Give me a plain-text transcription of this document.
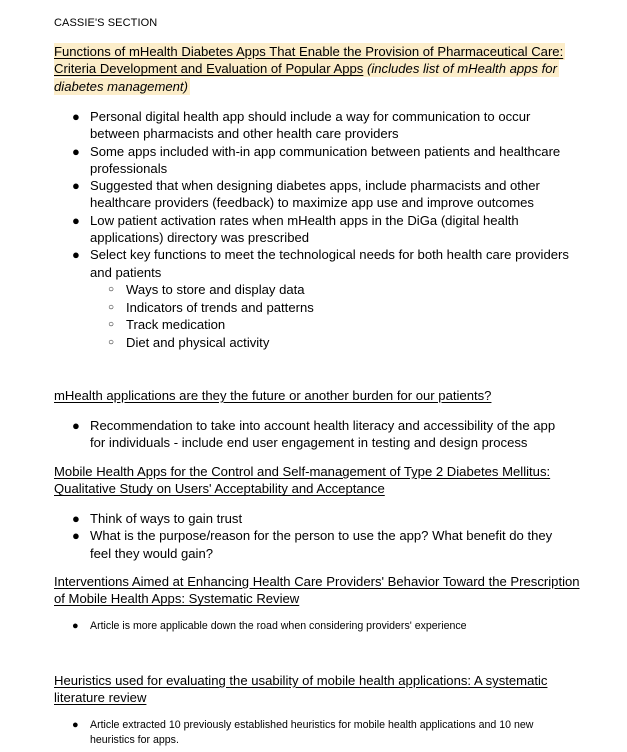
CASSIE'S SECTION
Functions of mHealth Diabetes Apps That Enable the Provision of Pharmaceutical Care: Criteria Development and Evaluation of Popular Apps (includes list of mHealth apps for diabetes management)
● Personal digital health app should include a way for communication to occur between pharmacists and other health care providers
● Some apps included with-in app communication between patients and healthcare professionals
● Suggested that when designing diabetes apps, include pharmacists and other healthcare providers (feedback) to maximize app use and improve outcomes
● Low patient activation rates when mHealth apps in the DiGa (digital health applications) directory was prescribed
● Select key functions to meet the technological needs for both health care providers and patients
○ Ways to store and display data
○ Indicators of trends and patterns
○ Track medication
○ Diet and physical activity
mHealth applications are they the future or another burden for our patients?
● Recommendation to take into account health literacy and accessibility of the app for individuals - include end user engagement in testing and design process
Mobile Health Apps for the Control and Self-management of Type 2 Diabetes Mellitus: Qualitative Study on Users' Acceptability and Acceptance
● Think of ways to gain trust
● What is the purpose/reason for the person to use the app? What benefit do they feel they would gain?
Interventions Aimed at Enhancing Health Care Providers' Behavior Toward the Prescription of Mobile Health Apps: Systematic Review
● Article is more applicable down the road when considering providers' experience
Heuristics used for evaluating the usability of mobile health applications: A systematic literature review
● Article extracted 10 previously established heuristics for mobile health applications and 10 new heuristics for apps.
